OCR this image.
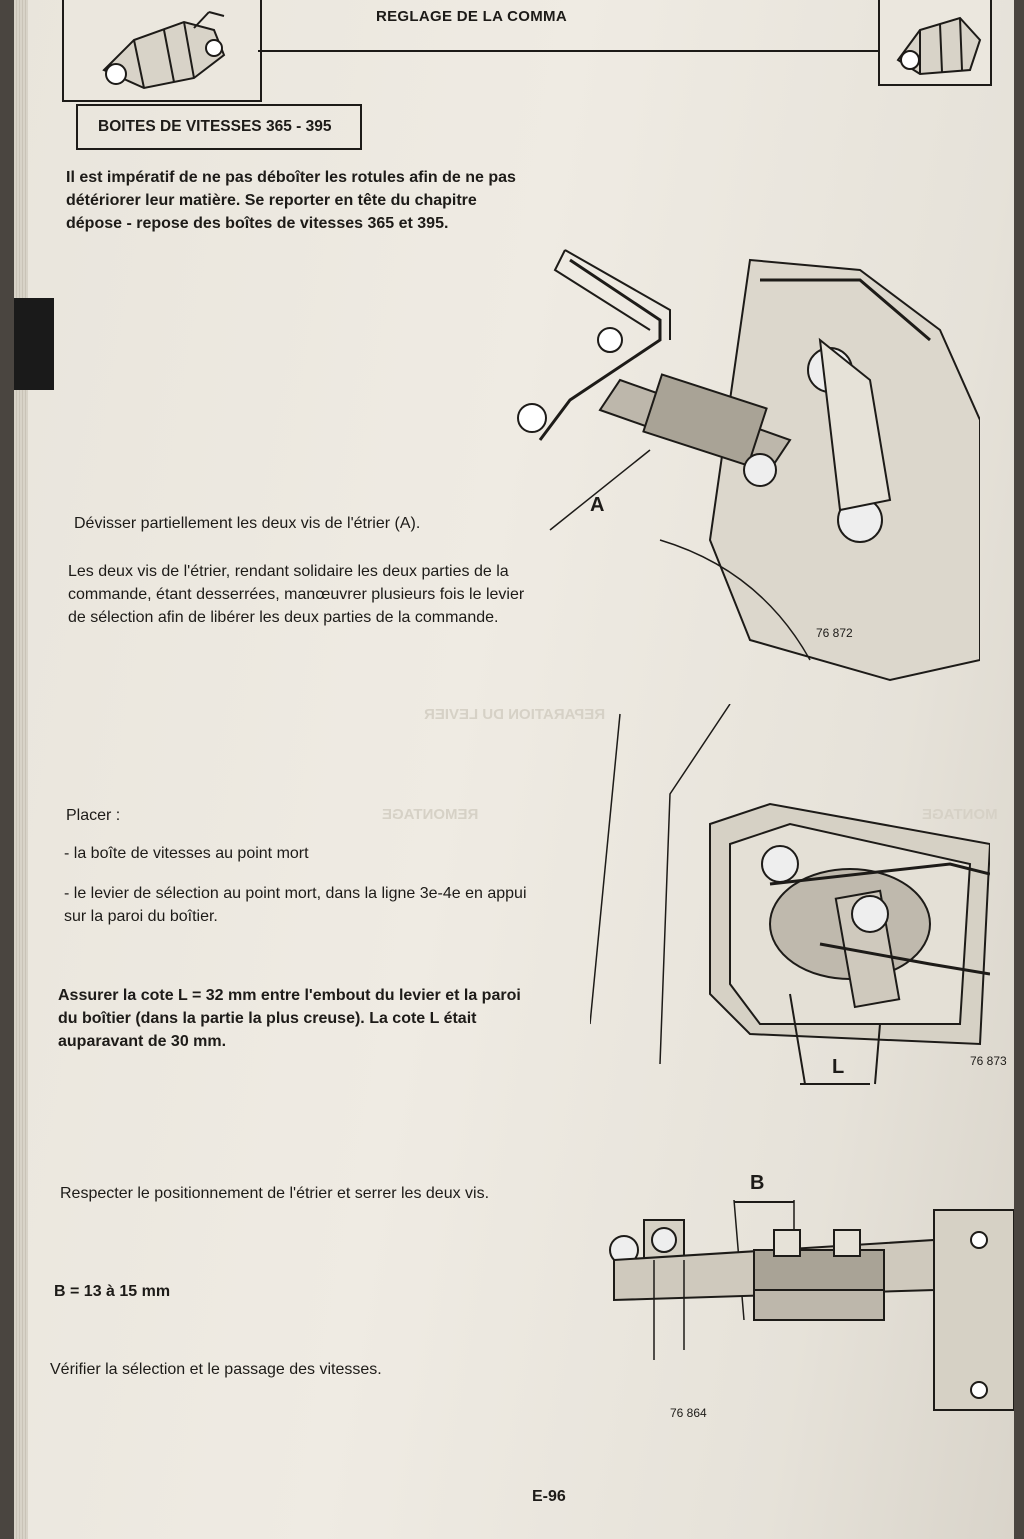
REPARATION DU LEVIER
REMONTAGE	MONTAGE
REGLAGE DE LA COMMA
BOITES DE VITESSES 365 - 395
Il est impératif de ne pas déboîter les rotules afin de ne pas détériorer leur matière. Se reporter en tête du chapitre dépose - repose des boîtes de vitesses 365 et 395.
A
76 872
Dévisser partiellement les deux vis de l'étrier (A).
Les deux vis de l'étrier, rendant solidaire les deux parties de la commande, étant desserrées, manœuvrer plusieurs fois le levier de sélection afin de libérer les deux parties de la commande.
L	76 873
Placer :
- la boîte de vitesses au point mort
- le levier de sélection au point mort, dans la ligne 3e-4e en appui sur la paroi du boîtier.
Assurer la cote L = 32 mm entre l'embout du levier et la paroi du boîtier (dans la partie la plus creuse). La cote L était auparavant de 30 mm.
Respecter le positionnement de l'étrier et serrer les deux vis.
B = 13 à 15 mm
Vérifier la sélection et le passage des vitesses.
B
76 864
E-96
